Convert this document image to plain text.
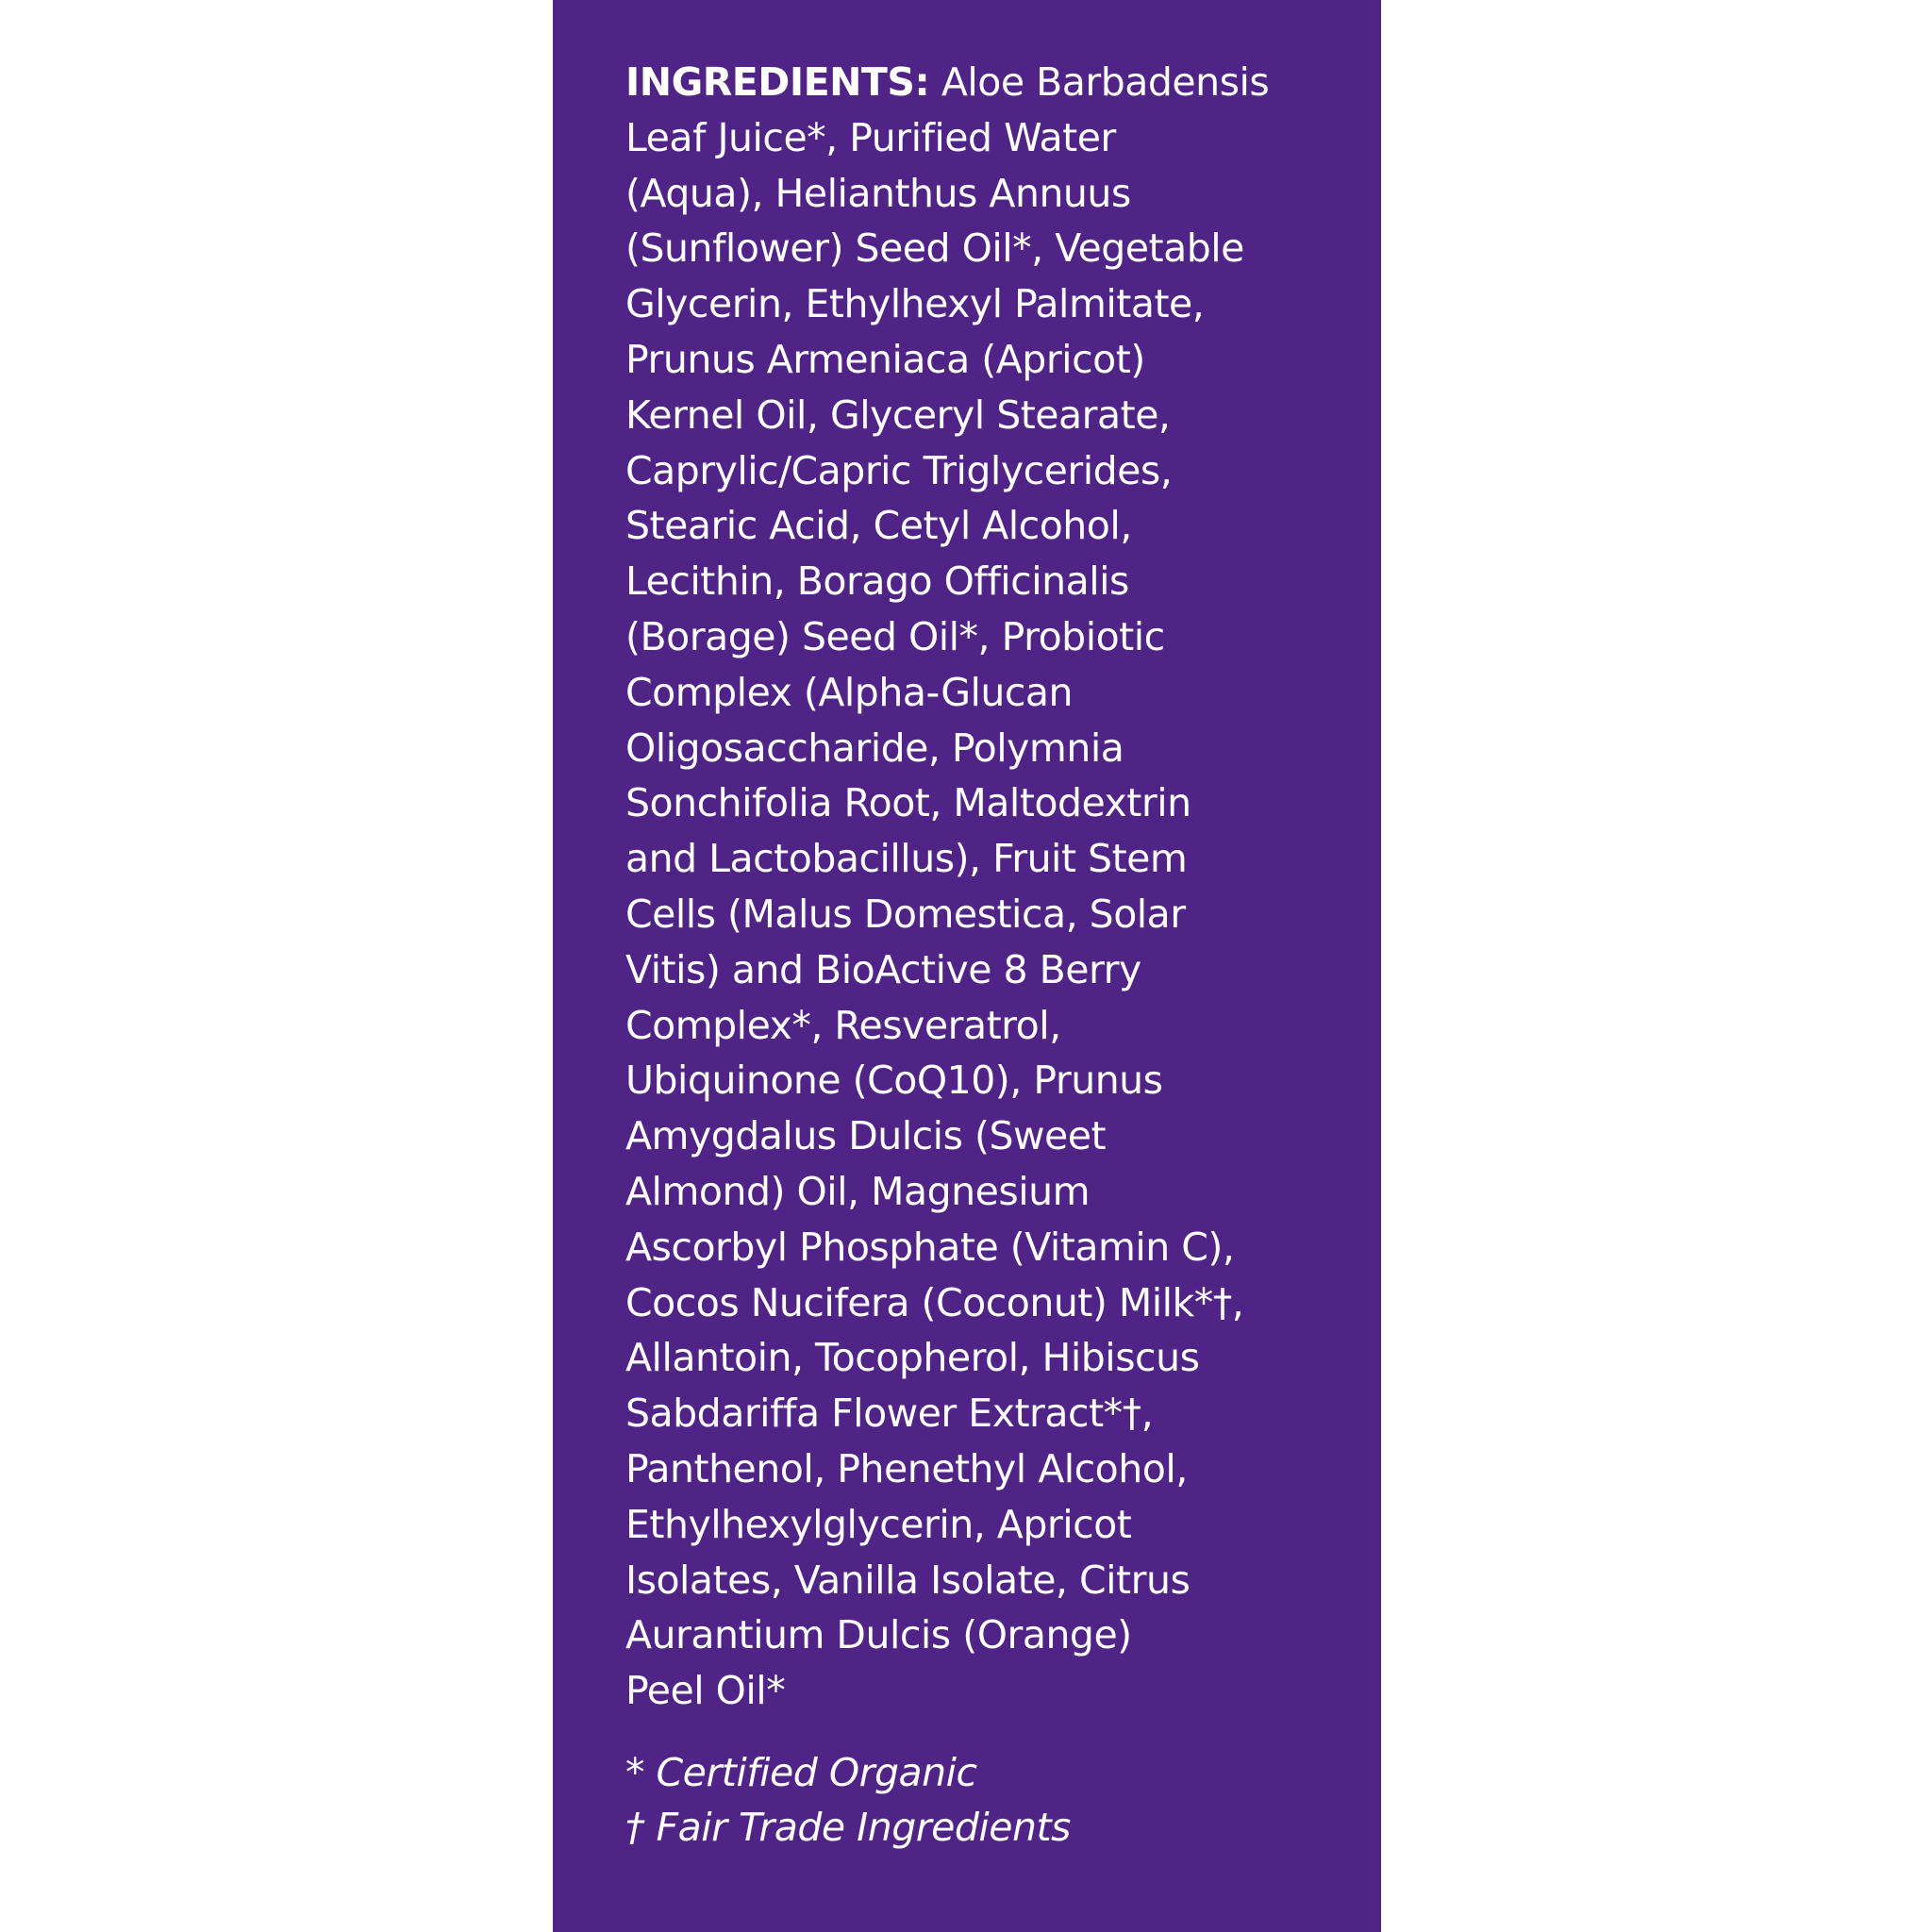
INGREDIENTS: Aloe Barbadensis
Leaf Juice*, Purified Water
(Aqua), Helianthus Annuus
(Sunflower) Seed Oil*, Vegetable
Glycerin, Ethylhexyl Palmitate,
Prunus Armeniaca (Apricot)
Kernel Oil, Glyceryl Stearate,
Caprylic/Capric Triglycerides,
Stearic Acid, Cetyl Alcohol,
Lecithin, Borago Officinalis
(Borage) Seed Oil*, Probiotic
Complex (Alpha-Glucan
Oligosaccharide, Polymnia
Sonchifolia Root, Maltodextrin
and Lactobacillus), Fruit Stem
Cells (Malus Domestica, Solar
Vitis) and BioActive 8 Berry
Complex*, Resveratrol,
Ubiquinone (CoQ10), Prunus
Amygdalus Dulcis (Sweet
Almond) Oil, Magnesium
Ascorbyl Phosphate (Vitamin C),
Cocos Nucifera (Coconut) Milk*†,
Allantoin, Tocopherol, Hibiscus
Sabdariffa Flower Extract*†,
Panthenol, Phenethyl Alcohol,
Ethylhexylglycerin, Apricot
Isolates, Vanilla Isolate, Citrus
Aurantium Dulcis (Orange)
Peel Oil*

* Certified Organic
† Fair Trade Ingredients
